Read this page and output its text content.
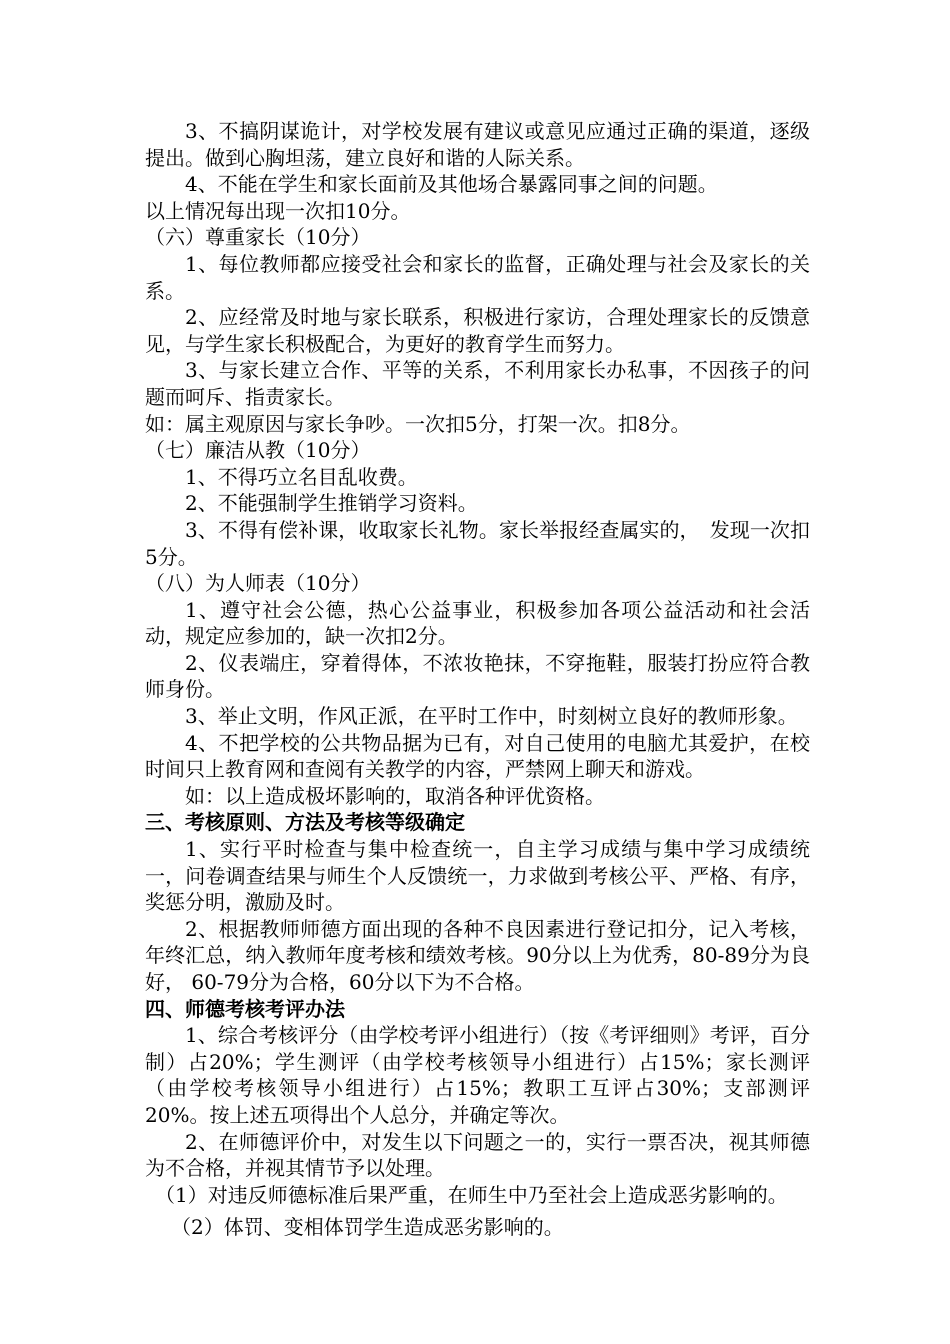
3、不搞阴谋诡计，对学校发展有建议或意见应通过正确的渠道，逐级提出。做到心胸坦荡，建立良好和谐的人际关系。

4、不能在学生和家长面前及其他场合暴露同事之间的问题。

以上情况每出现一次扣10分。

（六）尊重家长（10分）

1、每位教师都应接受社会和家长的监督，正确处理与社会及家长的关系。

2、应经常及时地与家长联系，积极进行家访，合理处理家长的反馈意见，与学生家长积极配合，为更好的教育学生而努力。

3、与家长建立合作、平等的关系，不利用家长办私事，不因孩子的问题而呵斥、指责家长。

如：属主观原因与家长争吵。一次扣5分，打架一次。扣8分。

（七）廉洁从教（10分）

1、不得巧立名目乱收费。

2、不能强制学生推销学习资料。

3、不得有偿补课，收取家长礼物。家长举报经查属实的，　发现一次扣5分。

（八）为人师表（10分）

1、遵守社会公德，热心公益事业，积极参加各项公益活动和社会活动，规定应参加的，缺一次扣2分。

2、仪表端庄，穿着得体，不浓妆艳抹，不穿拖鞋，服装打扮应符合教师身份。

3、举止文明，作风正派，在平时工作中，时刻树立良好的教师形象。

4、不把学校的公共物品据为已有，对自己使用的电脑尤其爱护，在校时间只上教育网和查阅有关教学的内容，严禁网上聊天和游戏。

如：以上造成极坏影响的，取消各种评优资格。

三、考核原则、方法及考核等级确定

1、实行平时检查与集中检查统一，自主学习成绩与集中学习成绩统一，问卷调查结果与师生个人反馈统一，力求做到考核公平、严格、有序，奖惩分明，激励及时。

2、根据教师师德方面出现的各种不良因素进行登记扣分，记入考核，年终汇总，纳入教师年度考核和绩效考核。90分以上为优秀，80-89分为良好， 60-79分为合格，60分以下为不合格。

四、师德考核考评办法

1、综合考核评分（由学校考评小组进行）（按《考评细则》考评，百分制）占20%；学生测评（由学校考核领导小组进行）占15%；家长测评（由学校考核领导小组进行）占15%；教职工互评占30%；支部测评20%。按上述五项得出个人总分，并确定等次。

2、在师德评价中，对发生以下问题之一的，实行一票否决，视其师德为不合格，并视其情节予以处理。

（1）对违反师德标准后果严重，在师生中乃至社会上造成恶劣影响的。

（2）体罚、变相体罚学生造成恶劣影响的。
